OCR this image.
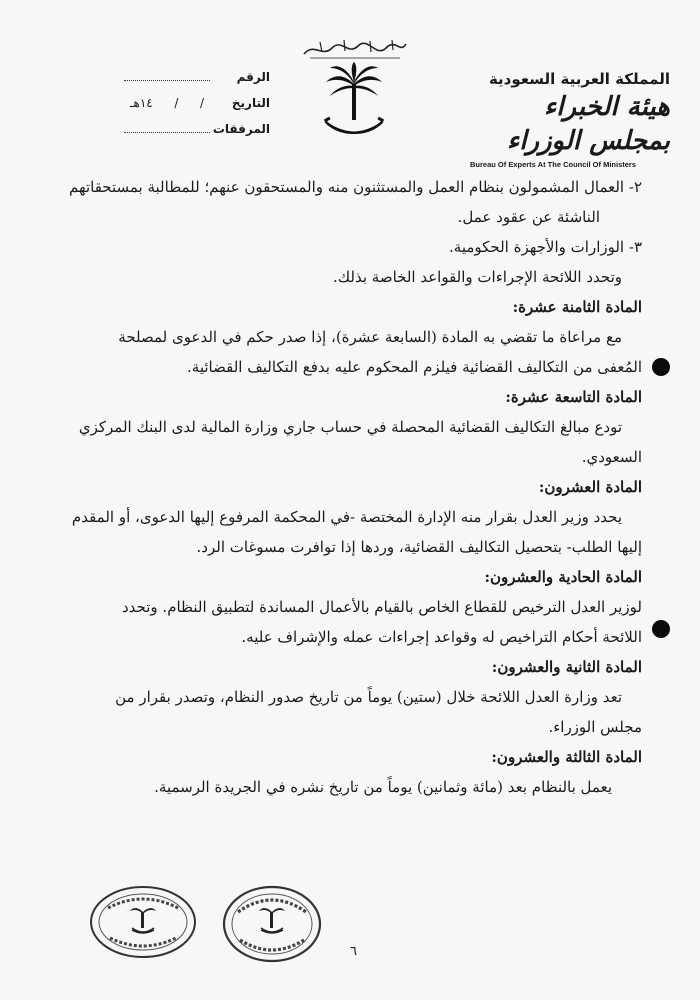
الرقم
التاريخ
/
/
١٤هـ
المرفقات
المملكة العربية السعودية
هيئة الخبراء بمجلس الوزراء
Bureau Of Experts At The Council Of Ministers
٢- العمال المشمولون بنظام العمل والمستثنون منه والمستحقون عنهم؛ للمطالبة بمستحقاتهم
الناشئة عن عقود عمل.
٣- الوزارات والأجهزة الحكومية.
وتحدد اللائحة الإجراءات والقواعد الخاصة بذلك.
المادة الثامنة عشرة:
مع مراعاة ما تقضي به المادة (السابعة عشرة)، إذا صدر حكم في الدعوى لمصلحة
المُعفى من التكاليف القضائية فيلزم المحكوم عليه بدفع التكاليف القضائية.
المادة التاسعة عشرة:
تودع مبالغ التكاليف القضائية المحصلة في حساب جاري وزارة المالية لدى البنك المركزي
السعودي.
المادة العشرون:
يحدد وزير العدل بقرار منه الإدارة المختصة -في المحكمة المرفوع إليها الدعوى، أو المقدم
إليها الطلب- بتحصيل التكاليف القضائية، وردها إذا توافرت مسوغات الرد.
المادة الحادية والعشرون:
لوزير العدل الترخيص للقطاع الخاص بالقيام بالأعمال المساندة لتطبيق النظام. وتحدد
اللائحة أحكام التراخيص له وقواعد إجراءات عمله والإشراف عليه.
المادة الثانية والعشرون:
تعد وزارة العدل اللائحة خلال (ستين) يوماً من تاريخ صدور النظام، وتصدر بقرار من
مجلس الوزراء.
المادة الثالثة والعشرون:
يعمل بالنظام بعد (مائة وثمانين) يوماً من تاريخ نشره في الجريدة الرسمية.
٦
